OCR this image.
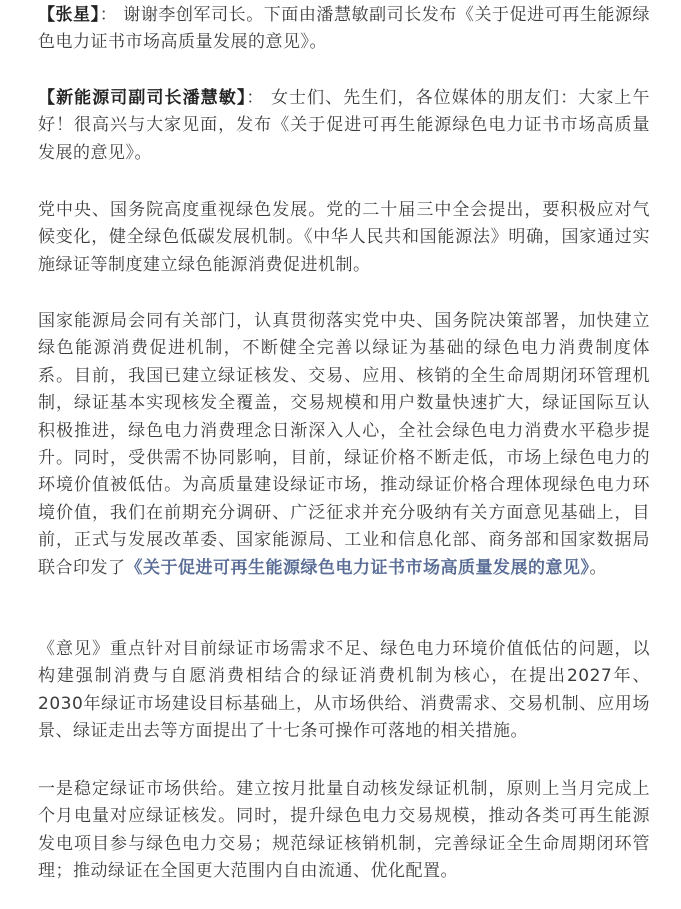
【张星】： 谢谢李创军司长。下面由潘慧敏副司长发布《关于促进可再生能源绿色电力证书市场高质量发展的意见》。

【新能源司副司长潘慧敏】： 女士们、先生们，各位媒体的朋友们：大家上午好！很高兴与大家见面，发布《关于促进可再生能源绿色电力证书市场高质量发展的意见》。

党中央、国务院高度重视绿色发展。党的二十届三中全会提出，要积极应对气候变化，健全绿色低碳发展机制。《中华人民共和国能源法》明确，国家通过实施绿证等制度建立绿色能源消费促进机制。

国家能源局会同有关部门，认真贯彻落实党中央、国务院决策部署，加快建立绿色能源消费促进机制，不断健全完善以绿证为基础的绿色电力消费制度体系。目前，我国已建立绿证核发、交易、应用、核销的全生命周期闭环管理机制，绿证基本实现核发全覆盖，交易规模和用户数量快速扩大，绿证国际互认积极推进，绿色电力消费理念日渐深入人心，全社会绿色电力消费水平稳步提升。同时，受供需不协同影响，目前，绿证价格不断走低，市场上绿色电力的环境价值被低估。为高质量建设绿证市场，推动绿证价格合理体现绿色电力环境价值，我们在前期充分调研、广泛征求并充分吸纳有关方面意见基础上，目前，正式与发展改革委、国家能源局、工业和信息化部、商务部和国家数据局联合印发了《关于促进可再生能源绿色电力证书市场高质量发展的意见》。

《意见》重点针对目前绿证市场需求不足、绿色电力环境价值低估的问题，以构建强制消费与自愿消费相结合的绿证消费机制为核心，在提出2027年、2030年绿证市场建设目标基础上，从市场供给、消费需求、交易机制、应用场景、绿证走出去等方面提出了十七条可操作可落地的相关措施。

一是稳定绿证市场供给。建立按月批量自动核发绿证机制，原则上当月完成上个月电量对应绿证核发。同时，提升绿色电力交易规模，推动各类可再生能源发电项目参与绿色电力交易；规范绿证核销机制，完善绿证全生命周期闭环管理；推动绿证在全国更大范围内自由流通、优化配置。
